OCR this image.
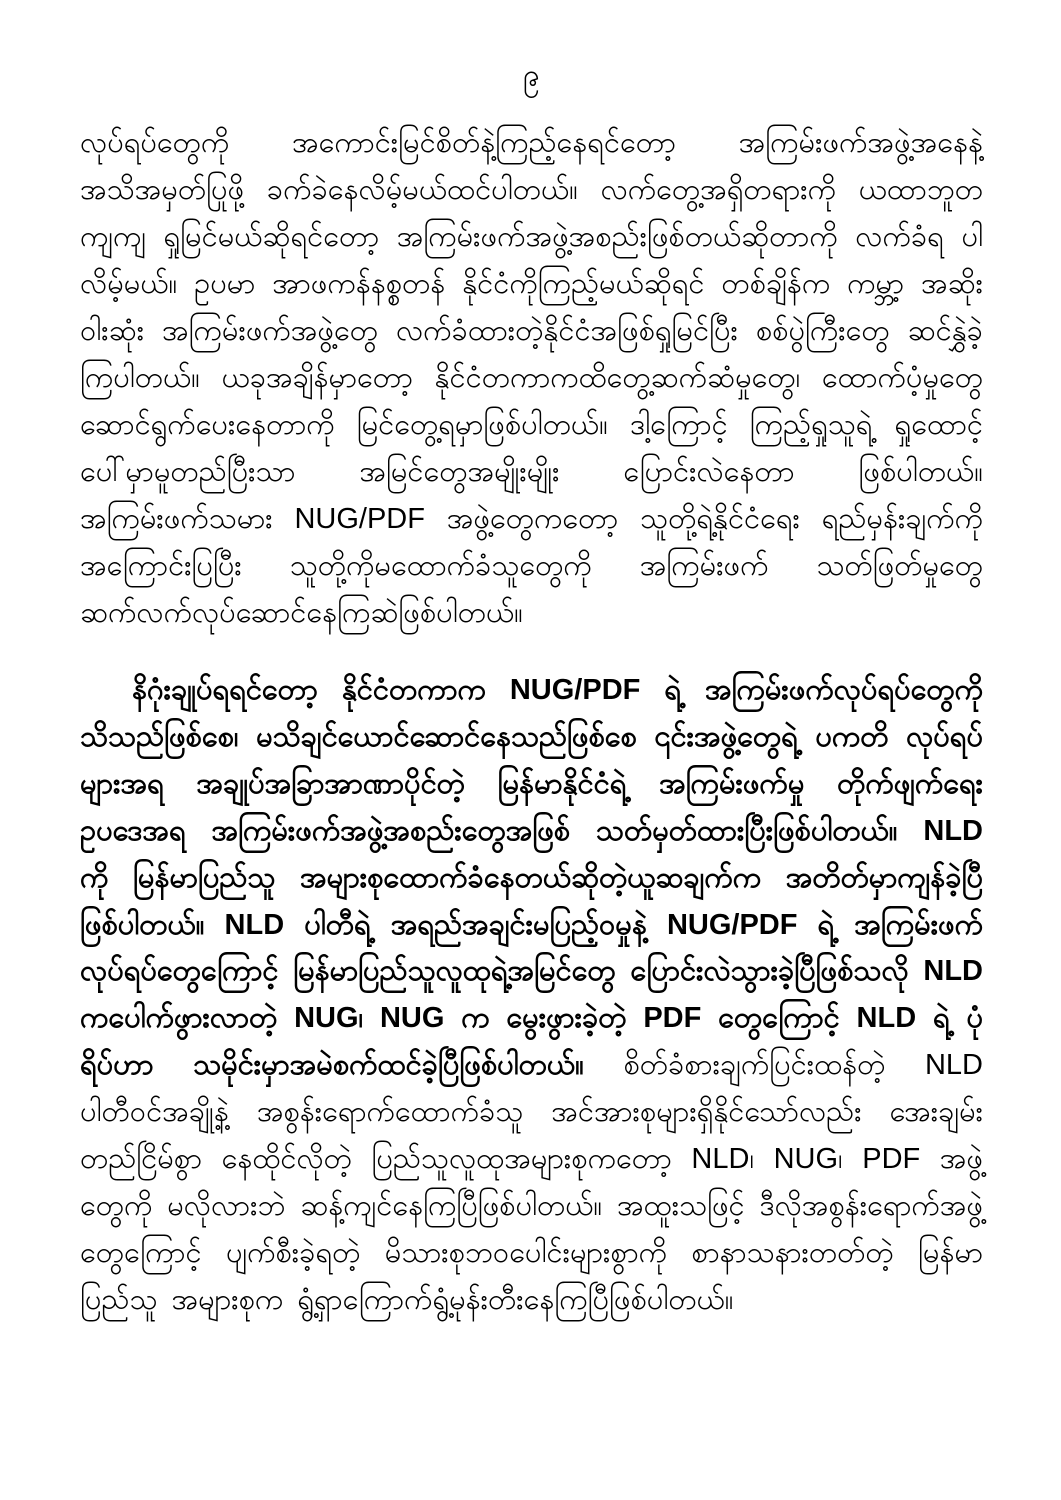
၉

လုပ်ရပ်တွေကို အကောင်းမြင်စိတ်နဲ့ကြည့်နေရင်တော့ အကြမ်းဖက်အဖွဲ့အနေနဲ့ အသိအမှတ်ပြုဖို့ ခက်ခဲနေလိမ့်မယ်ထင်ပါတယ်။ လက်တွေ့အရှိတရားကို ယထာဘူတ ကျကျ ရှုမြင်မယ်ဆိုရင်တော့ အကြမ်းဖက်အဖွဲ့အစည်းဖြစ်တယ်ဆိုတာကို လက်ခံရ ပါလိမ့်မယ်။ ဥပမာ အာဖကန်နစ္စတန် နိုင်ငံကိုကြည့်မယ်ဆိုရင် တစ်ချိန်က ကမ္ဘာ့ အဆိုးဝါးဆုံး အကြမ်းဖက်အဖွဲ့တွေ လက်ခံထားတဲ့နိုင်ငံအဖြစ်ရှုမြင်ပြီး စစ်ပွဲကြီးတွေ ဆင်နွှဲခဲ့ကြပါတယ်။ ယခုအချိန်မှာတော့ နိုင်ငံတကာကထိတွေ့ဆက်ဆံမှုတွေ၊ ထောက်ပံ့မှုတွေ ဆောင်ရွက်ပေးနေတာကို မြင်တွေ့ရမှာဖြစ်ပါတယ်။ ဒါ့ကြောင့် ကြည့်ရှုသူရဲ့ ရှုထောင့်ပေါ်မှာမူတည်ပြီးသာ အမြင်တွေအမျိုးမျိုး ပြောင်းလဲနေတာ ဖြစ်ပါတယ်။ အကြမ်းဖက်သမား NUG/PDF အဖွဲ့တွေကတော့ သူတို့ရဲ့နိုင်ငံရေး ရည်မှန်းချက်ကို အကြောင်းပြပြီး သူတို့ကိုမထောက်ခံသူတွေကို အကြမ်းဖက် သတ်ဖြတ်မှုတွေ ဆက်လက်လုပ်ဆောင်နေကြဆဲဖြစ်ပါတယ်။

နိဂုံးချုပ်ရရင်တော့ နိုင်ငံတကာက NUG/PDF ရဲ့ အကြမ်းဖက်လုပ်ရပ်တွေကို သိသည်ဖြစ်စေ၊ မသိချင်ယောင်ဆောင်နေသည်ဖြစ်စေ ၎င်းအဖွဲ့တွေရဲ့ ပကတိ လုပ်ရပ်များအရ အချုပ်အခြာအာဏာပိုင်တဲ့ မြန်မာနိုင်ငံရဲ့ အကြမ်းဖက်မှု တိုက်ဖျက်ရေး ဥပဒေအရ အကြမ်းဖက်အဖွဲ့အစည်းတွေအဖြစ် သတ်မှတ်ထားပြီးဖြစ်ပါတယ်။ NLD ကို မြန်မာပြည်သူ အများစုထောက်ခံနေတယ်ဆိုတဲ့ယူဆချက်က အတိတ်မှာကျန်ခဲ့ပြီ ဖြစ်ပါတယ်။ NLD ပါတီရဲ့ အရည်အချင်းမပြည့်ဝမှုနဲ့ NUG/PDF ရဲ့ အကြမ်းဖက် လုပ်ရပ်တွေကြောင့် မြန်မာပြည်သူလူထုရဲ့အမြင်တွေ ပြောင်းလဲသွားခဲ့ပြီဖြစ်သလို NLD ကပေါက်ဖွားလာတဲ့ NUG၊ NUG က မွေးဖွားခဲ့တဲ့ PDF တွေကြောင့် NLD ရဲ့ ပုံရိပ်ဟာ သမိုင်းမှာအမဲစက်ထင်ခဲ့ပြီဖြစ်ပါတယ်။ စိတ်ခံစားချက်ပြင်းထန်တဲ့ NLD ပါတီဝင်အချို့နဲ့ အစွန်းရောက်ထောက်ခံသူ အင်အားစုများရှိနိုင်သော်လည်း အေးချမ်းတည်ငြိမ်စွာ နေထိုင်လိုတဲ့ ပြည်သူလူထုအများစုကတော့ NLD၊ NUG၊ PDF အဖွဲ့တွေကို မလိုလားဘဲ ဆန့်ကျင်နေကြပြီဖြစ်ပါတယ်။ အထူးသဖြင့် ဒီလိုအစွန်းရောက်အဖွဲ့တွေကြောင့် ပျက်စီးခဲ့ရတဲ့ မိသားစုဘဝပေါင်းများစွာကို စာနာသနားတတ်တဲ့ မြန်မာပြည်သူ အများစုက ရွံ့ရှာကြောက်ရွံ့မုန်းတီးနေကြပြီဖြစ်ပါတယ်။
